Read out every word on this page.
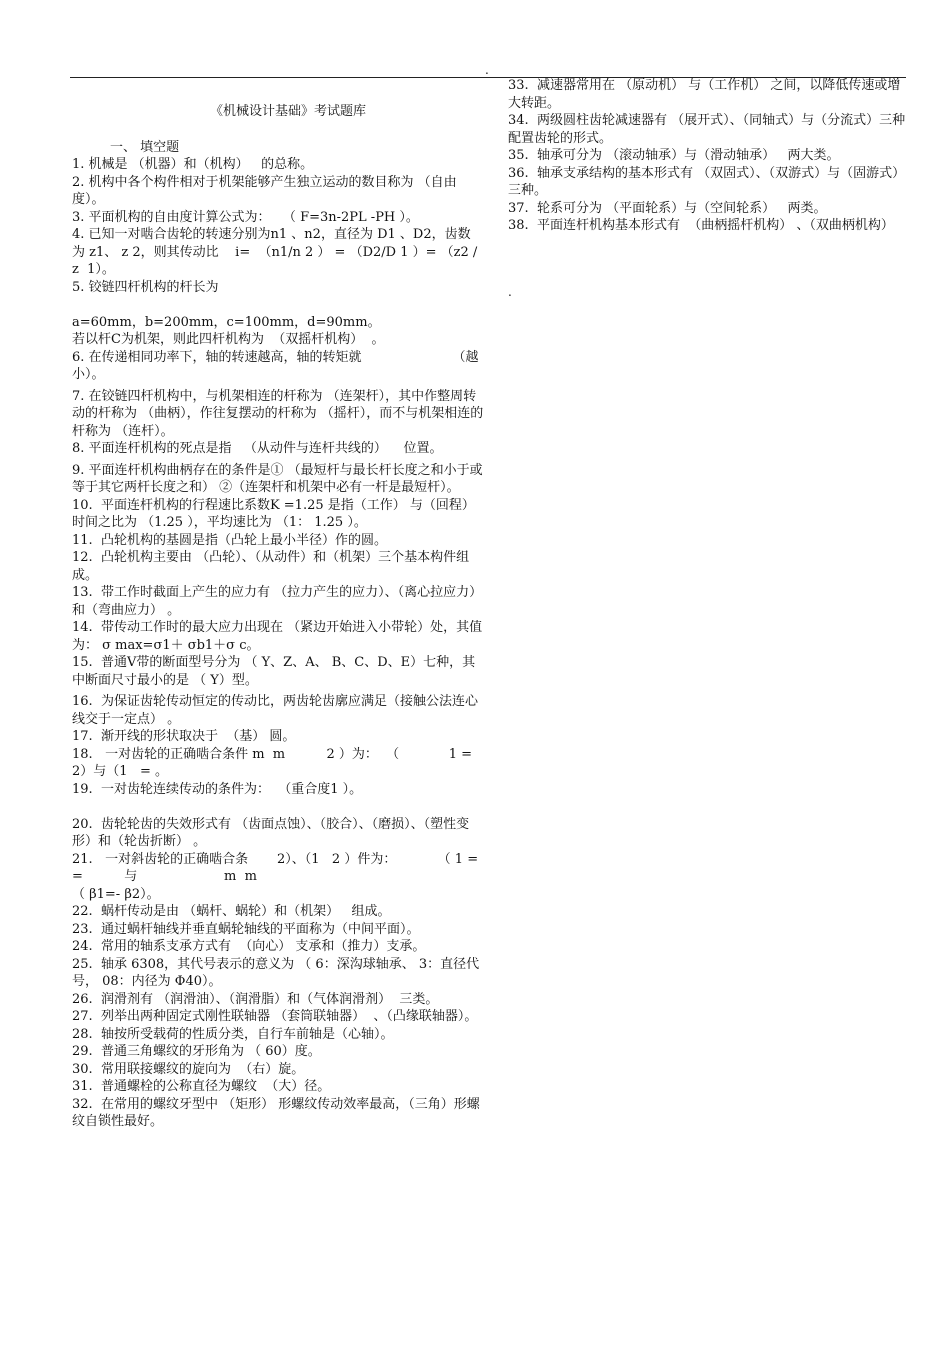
.
.

《机械设计基础》考试题库

一、 填空题

1. 机械是 （机器）和（机构）   的总称。

2. 机构中各个构件相对于机架能够产生独立运动的数目称为 （自由度）。

3. 平面机构的自由度计算公式为：   （ F=3n-2PL -PH ）。

4. 已知一对啮合齿轮的转速分别为n1 、n2，直径为 D1 、D2，齿数

为 z1、 z 2，则其传动比    i=  （n1/n 2 ） = （D2/D 1 ）= （z2 / z  1）。

5. 铰链四杆机构的杆长为

a=60mm，b=200mm，c=100mm，d=90mm。

若以杆C为机架，则此四杆机构为  （双摇杆机构）  。

6. 在传递相同功率下，轴的转速越高，轴的转矩就                      （越小）。

7. 在铰链四杆机构中，与机架相连的杆称为 （连架杆），其中作整周转动的杆称为 （曲柄），作往复摆动的杆称为 （摇杆），而不与机架相连的杆称为 （连杆）。

8. 平面连杆机构的死点是指   （从动件与连杆共线的）    位置。

9. 平面连杆机构曲柄存在的条件是① （最短杆与最长杆长度之和小于或等于其它两杆长度之和） ②（连架杆和机架中必有一杆是最短杆）。

10.  平面连杆机构的行程速比系数K =1.25 是指（工作） 与（回程）时间之比为 （1.25 ），平均速比为 （1： 1.25 ）。

11.  凸轮机构的基圆是指（凸轮上最小半径）作的圆。

12.  凸轮机构主要由 （凸轮）、（从动件）和（机架）三个基本构件组成。

13.  带工作时截面上产生的应力有 （拉力产生的应力）、（离心拉应力）和（弯曲应力） 。

14.  带传动工作时的最大应力出现在 （紧边开始进入小带轮）处，其值为： σ max=σ1＋ σb1＋σ c。

15.  普通V带的断面型号分为 （ Y、Z、A、 B、C、D、E）七种，其中断面尺寸最小的是 （ Y）型。

16.  为保证齿轮传动恒定的传动比，两齿轮齿廓应满足（接触公法连心线交于一定点） 。

17.  渐开线的形状取决于  （基） 圆。

18.   一对齿轮的正确啮合条件 m  m          2 ）为：  （            1 = 2）与（1   = 。

19.  一对齿轮连续传动的条件为：  （重合度1 ）。

20.  齿轮轮齿的失效形式有 （齿面点蚀）、（胶合）、（磨损）、（塑性变形）和（轮齿折断） 。

21.   一对斜齿轮的正确啮合条       2）、（1   2 ）件为：          （ 1 = =          与                     m  m

（ β1=- β2）。

22.  蜗杆传动是由 （蜗杆、蜗轮）和（机架）   组成。

23.  通过蜗杆轴线并垂直蜗轮轴线的平面称为（中间平面）。

24.  常用的轴系支承方式有  （向心） 支承和（推力）支承。

25.  轴承 6308，其代号表示的意义为 （ 6：深沟球轴承、 3：直径代号， 08：内径为 Φ40）。

26.  润滑剂有 （润滑油）、（润滑脂）和（气体润滑剂）  三类。

27.  列举出两种固定式刚性联轴器 （套筒联轴器）  、（凸缘联轴器）。

28.  轴按所受载荷的性质分类，自行车前轴是（心轴）。

29.  普通三角螺纹的牙形角为 （ 60）度。

30.  常用联接螺纹的旋向为  （右）旋。

31.  普通螺栓的公称直径为螺纹  （大）径。

32.  在常用的螺纹牙型中 （矩形） 形螺纹传动效率最高，（三角）形螺纹自锁性最好。

33.  减速器常用在 （原动机） 与（工作机） 之间，以降低传速或增大转距。

34.  两级圆柱齿轮减速器有 （展开式）、（同轴式）与（分流式）三种配置齿轮的形式。

35.  轴承可分为 （滚动轴承）与（滑动轴承）   两大类。

36.  轴承支承结构的基本形式有 （双固式）、（双游式）与（固游式） 三种。

37.  轮系可分为 （平面轮系）与（空间轮系）   两类。

38.  平面连杆机构基本形式有  （曲柄摇杆机构） 、（双曲柄机构）
